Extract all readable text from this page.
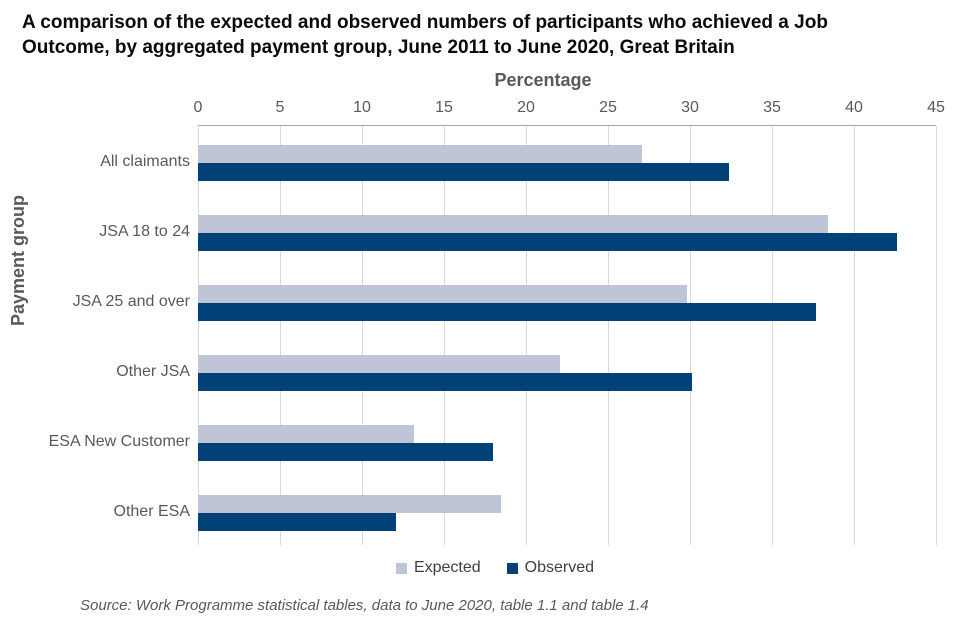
A comparison of the expected and observed numbers of participants who achieved a Job
Outcome, by aggregated payment group, June 2011 to June 2020, Great Britain
Percentage
Payment group
0	5	10	15	20	25	30	35	40	45
All claimants
JSA 18 to 24
JSA 25 and over
Other JSA
ESA New Customer
Other ESA
Expected	Observed
Source: Work Programme statistical tables, data to June 2020, table 1.1 and table 1.4
